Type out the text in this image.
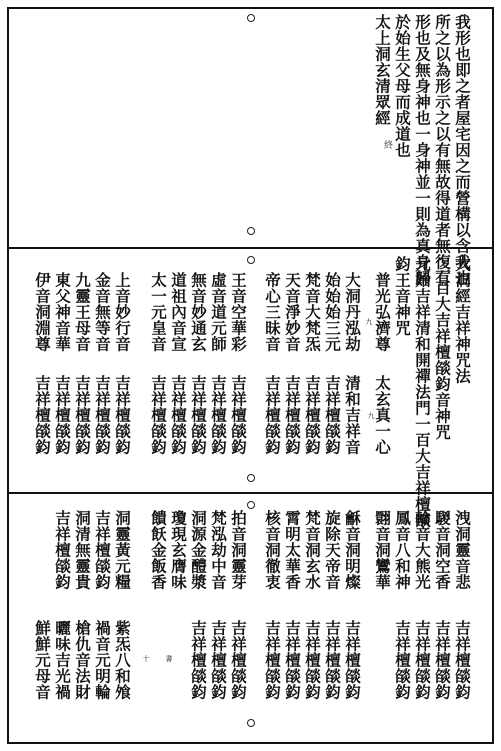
我形也即之者屋宅因之而營構以含我也
所之以為形示之以有無故得道者無復有
形也及無身神也一身神並一則為真身歸
於始生父母而成道也
太上洞玄清眾經
終
大洞經吉祥神咒法
一百大吉祥檀燄鈞音神咒
元始吉祥清和開禪法門一百大吉祥檀燄
鈞王音神咒
普光弘濟尊
大洞丹泓劫
始始始三元
梵音大梵炁
天音淨妙音
帝心三昧音
王音空華彩
虛音道元師
無音妙通玄
道祖內音宣
太一元皇音
上音妙行音
金音無等音
九靈王母音
東父神音華
伊音洞淵尊	九
太玄真一心
清和吉祥音
吉祥檀燄鈞
吉祥檀燄鈞
吉祥檀燄鈞
吉祥檀燄鈞
吉祥檀燄鈞
吉祥檀燄鈞
吉祥檀燄鈞
吉祥檀燄鈞
吉祥檀燄鈞
吉祥檀燄鈞
吉祥檀燄鈞
吉祥檀燄鈞
吉祥檀燄鈞
吉祥檀燄鈞	九
洩洞靈音悲
騣音洞空香
輪音大熊光
鳳音八和神
翾音洞鸞華
龢音洞明燦
旋除天帝音
梵音洞玄水
霄明太華香
核音洞徹衷
拍音洞靈芽
梵泓劫中音
洞源金醴漿
瓊現玄膺味
饋飫金飯香
洞靈黃元糧
吉祥檀燄鈞
洞清無靈貴
吉祥檀燄鈞
吉祥檀燄鈞
吉祥檀燄鈞
吉祥檀燄鈞
吉祥檀燄鈞
吉祥檀燄鈞
吉祥檀燄鈞
吉祥檀燄鈞
吉祥檀燄鈞
吉祥檀燄鈞
吉祥檀燄鈞
吉祥檀燄鈞
吉祥檀燄鈞
紫炁八和飧
禍音元明輪
槍仇音法財
曬味吉光禍
鮮鮮元母音	十	書
